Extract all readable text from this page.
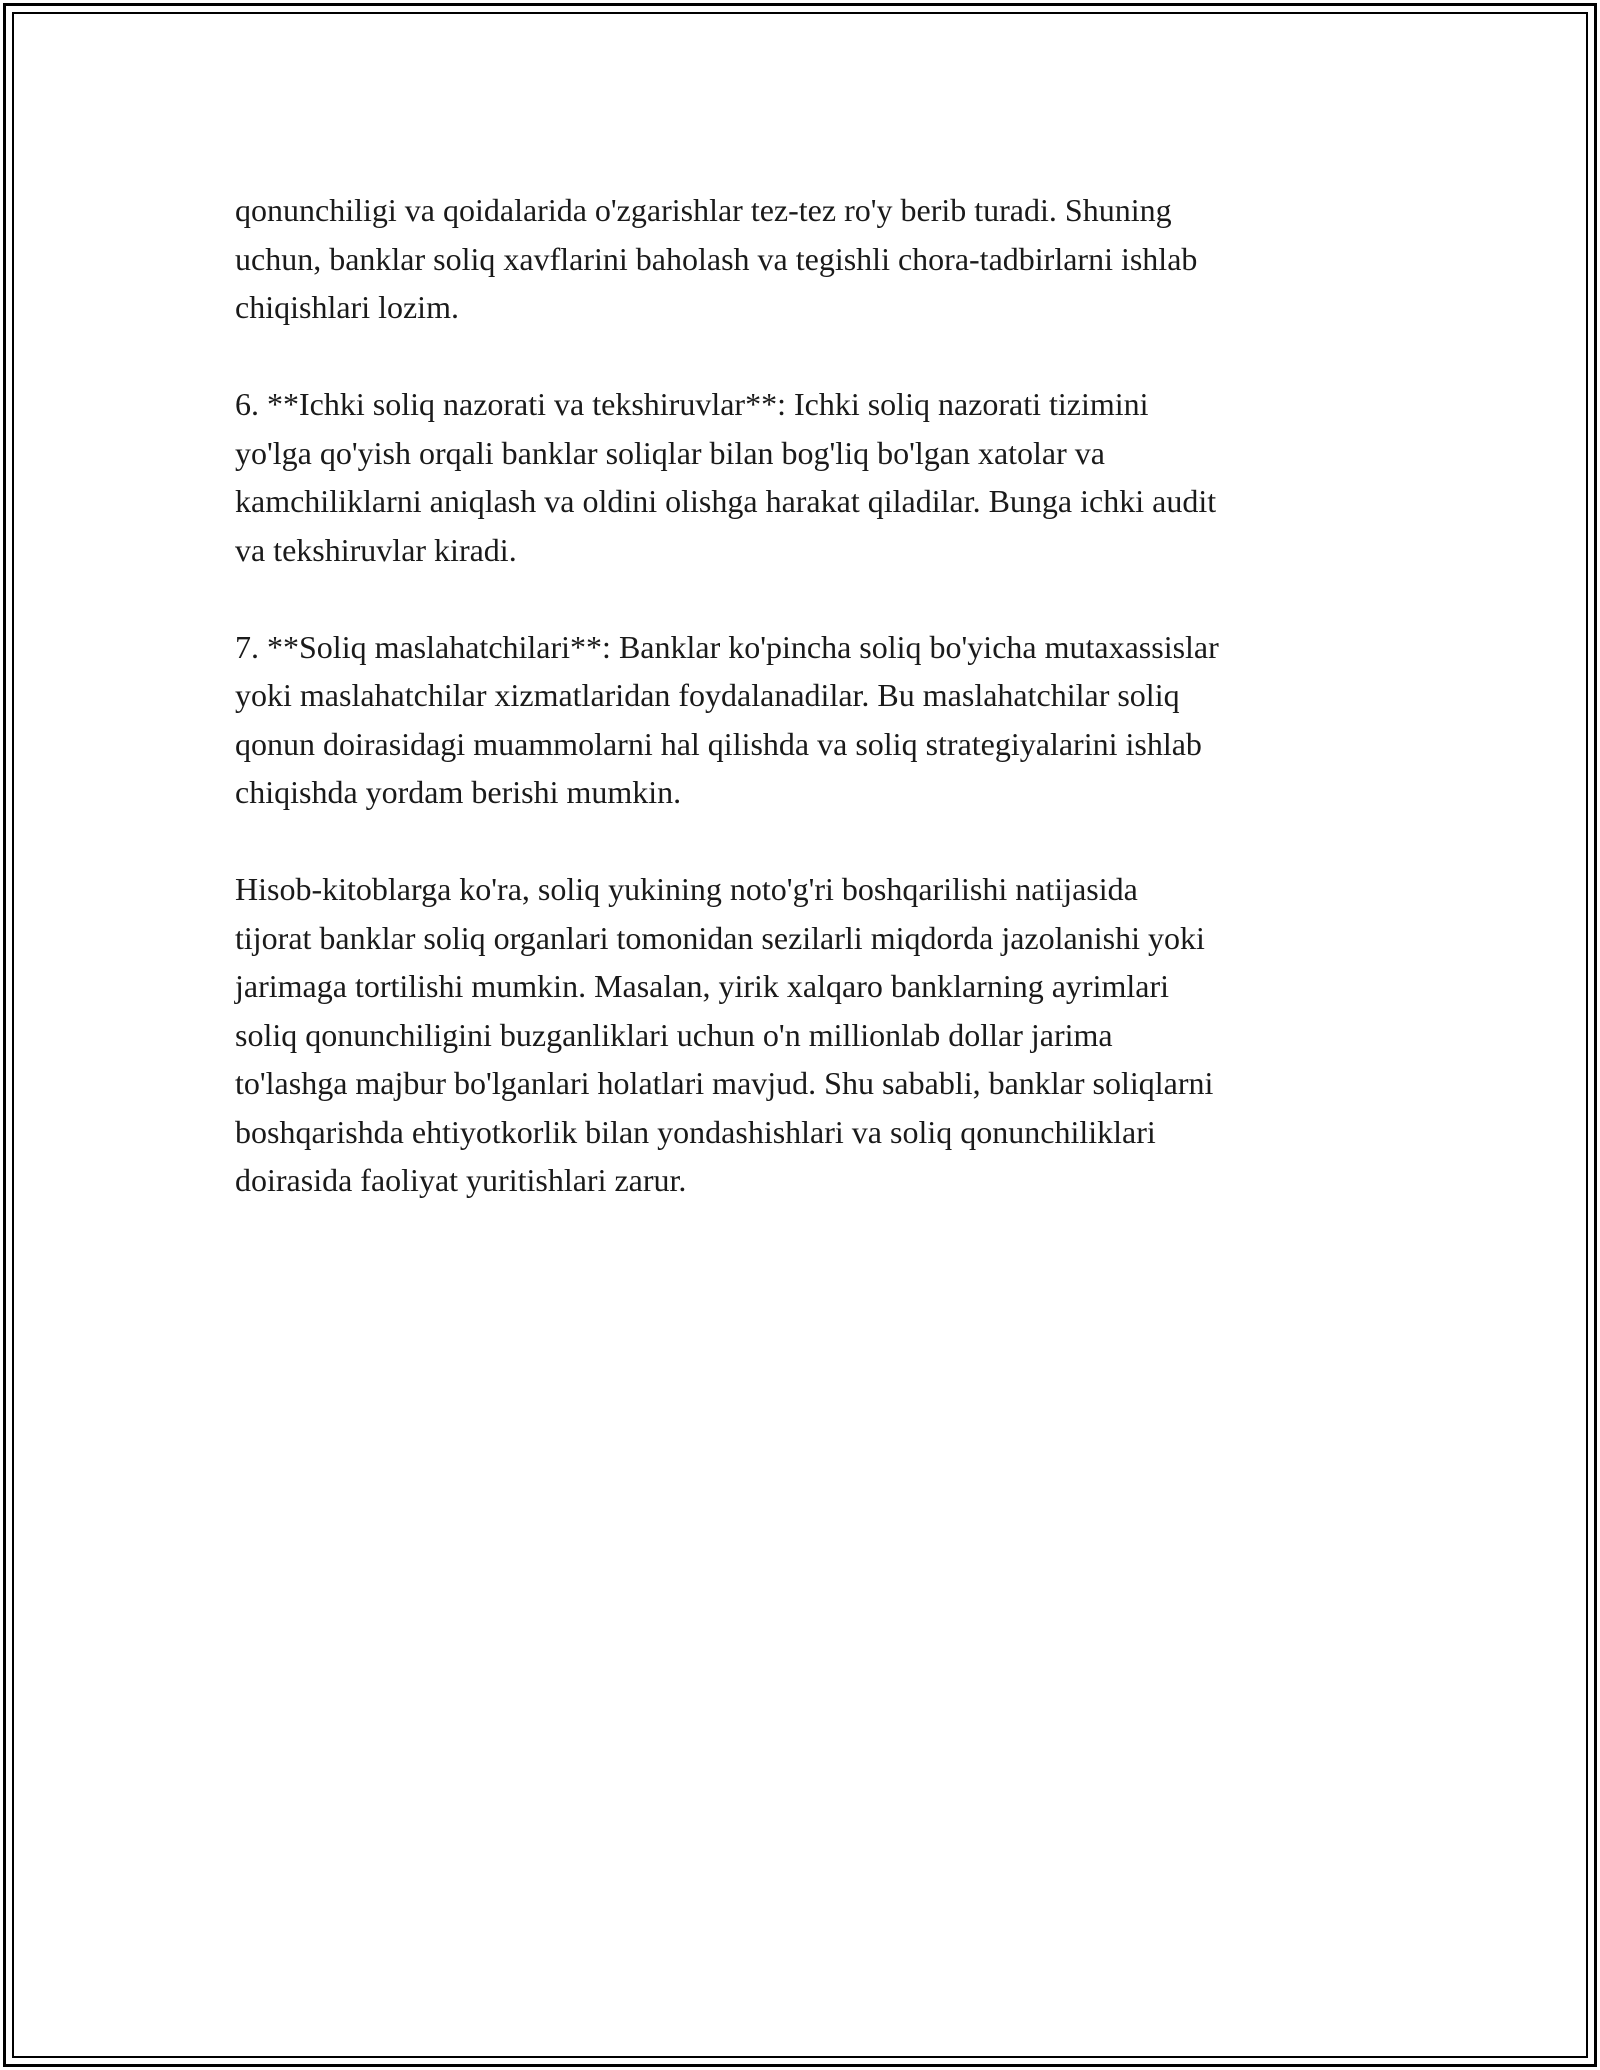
qonunchiligi va qoidalarida o'zgarishlar tez-tez ro'y berib turadi. Shuning
uchun, banklar soliq xavflarini baholash va tegishli chora-tadbirlarni ishlab
chiqishlari lozim.

6. **Ichki soliq nazorati va tekshiruvlar**: Ichki soliq nazorati tizimini
yo'lga qo'yish orqali banklar soliqlar bilan bog'liq bo'lgan xatolar va
kamchiliklarni aniqlash va oldini olishga harakat qiladilar. Bunga ichki audit
va tekshiruvlar kiradi.

7. **Soliq maslahatchilari**: Banklar ko'pincha soliq bo'yicha mutaxassislar
yoki maslahatchilar xizmatlaridan foydalanadilar. Bu maslahatchilar soliq
qonun doirasidagi muammolarni hal qilishda va soliq strategiyalarini ishlab
chiqishda yordam berishi mumkin.

Hisob-kitoblarga ko'ra, soliq yukining noto'g'ri boshqarilishi natijasida
tijorat banklar soliq organlari tomonidan sezilarli miqdorda jazolanishi yoki
jarimaga tortilishi mumkin. Masalan, yirik xalqaro banklarning ayrimlari
soliq qonunchiligini buzganliklari uchun o'n millionlab dollar jarima
to'lashga majbur bo'lganlari holatlari mavjud. Shu sababli, banklar soliqlarni
boshqarishda ehtiyotkorlik bilan yondashishlari va soliq qonunchiliklari
doirasida faoliyat yuritishlari zarur.
